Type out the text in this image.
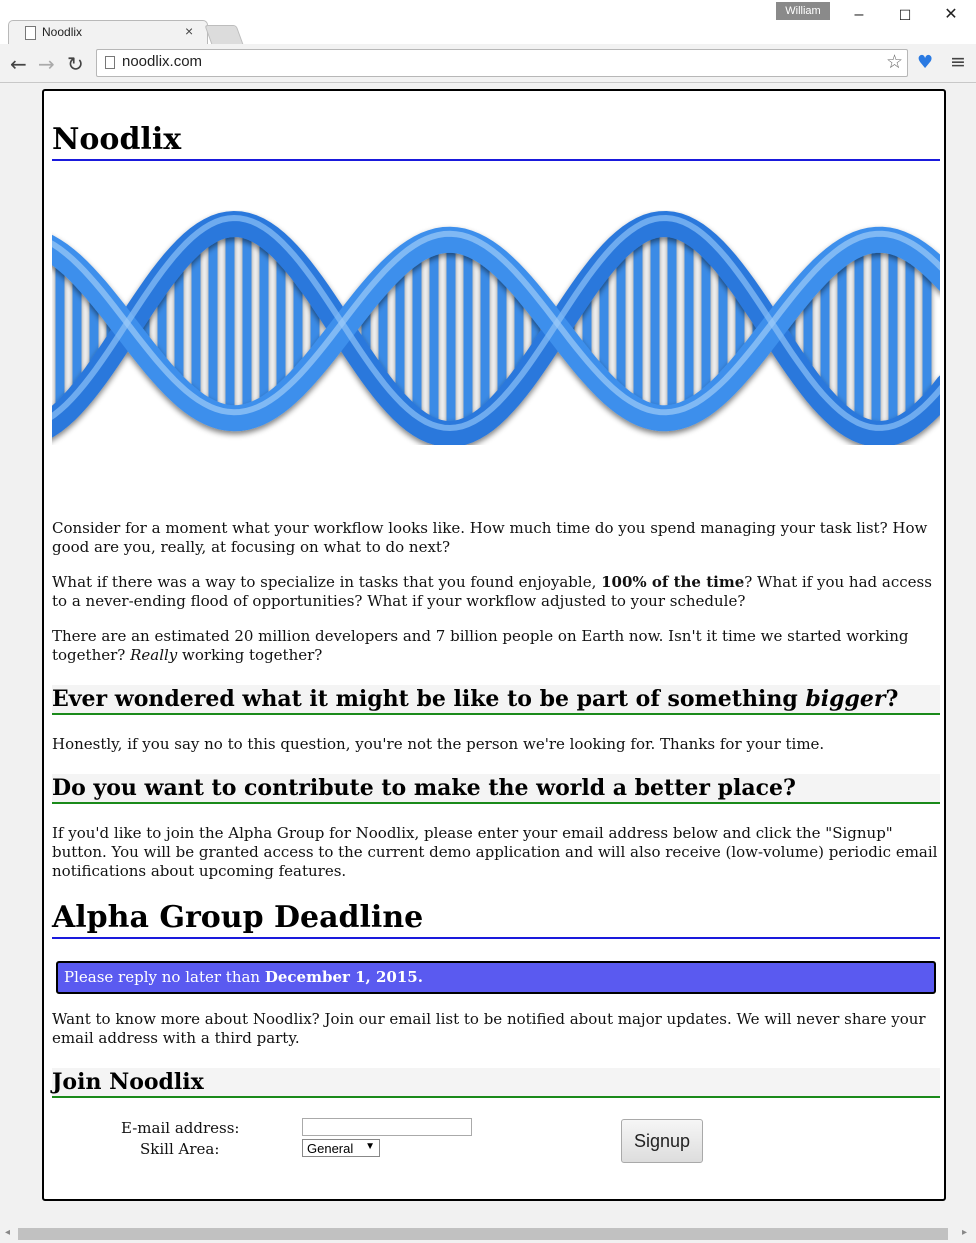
William	–	☐	✕
Noodlix	×
← → ↻	noodlix.com	☆ ♥ ≡
Noodlix

Consider for a moment what your workflow looks like. How much time do you spend managing your task list? How good are you, really, at focusing on what to do next?

What if there was a way to specialize in tasks that you found enjoyable, 100% of the time? What if you had access to a never-ending flood of opportunities? What if your workflow adjusted to your schedule?

There are an estimated 20 million developers and 7 billion people on Earth now. Isn't it time we started working together? Really working together?

Ever wondered what it might be like to be part of something bigger?

Honestly, if you say no to this question, you're not the person we're looking for. Thanks for your time.

Do you want to contribute to make the world a better place?

If you'd like to join the Alpha Group for Noodlix, please enter your email address below and click the "Signup" button. You will be granted access to the current demo application and will also receive (low-volume) periodic email notifications about upcoming features.

Alpha Group Deadline
Please reply no later than December 1, 2015.

Want to know more about Noodlix? Join our email list to be notified about major updates. We will never share your email address with a third party.

Join Noodlix
E-mail address:
Skill Area:	General ▼	Signup
◂	▸
